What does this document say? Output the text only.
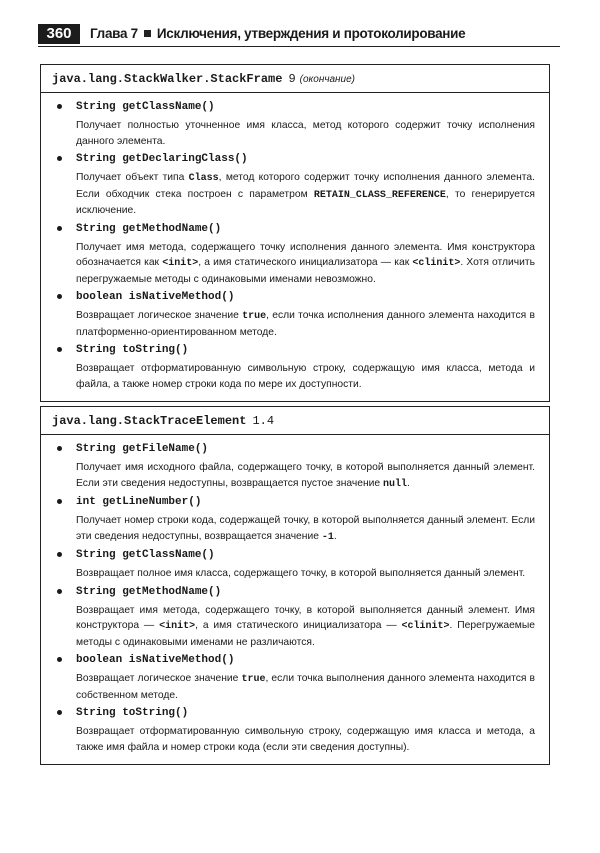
360	Глава 7 Исключения, утверждения и протоколирование
java.lang.StackWalker.StackFrame 9 (окончание)
String getClassName()
Получает полностью уточненное имя класса, метод которого содержит точку исполнения данного элемента.
String getDeclaringClass()
Получает объект типа Class, метод которого содержит точку исполнения данного элемента. Если обходчик стека построен с параметром RETAIN_CLASS_REFERENCE, то генерируется исключение.
String getMethodName()
Получает имя метода, содержащего точку исполнения данного элемента. Имя конструктора обозначается как <init>, а имя статического инициализатора — как <clinit>. Хотя отличить перегружаемые методы с одинаковыми именами невозможно.
boolean isNativeMethod()
Возвращает логическое значение true, если точка исполнения данного элемента находится в платформенно-ориентированном методе.
String toString()
Возвращает отформатированную символьную строку, содержащую имя класса, метода и файла, а также номер строки кода по мере их доступности.
java.lang.StackTraceElement 1.4
String getFileName()
Получает имя исходного файла, содержащего точку, в которой выполняется данный элемент. Если эти сведения недоступны, возвращается пустое значение null.
int getLineNumber()
Получает номер строки кода, содержащей точку, в которой выполняется данный элемент. Если эти сведения недоступны, возвращается значение -1.
String getClassName()
Возвращает полное имя класса, содержащего точку, в которой выполняется данный элемент.
String getMethodName()
Возвращает имя метода, содержащего точку, в которой выполняется данный элемент. Имя конструктора — <init>, а имя статического инициализатора — <clinit>. Перегружаемые методы с одинаковыми именами не различаются.
boolean isNativeMethod()
Возвращает логическое значение true, если точка выполнения данного элемента находится в собственном методе.
String toString()
Возвращает отформатированную символьную строку, содержащую имя класса и метода, а также имя файла и номер строки кода (если эти сведения доступны).
